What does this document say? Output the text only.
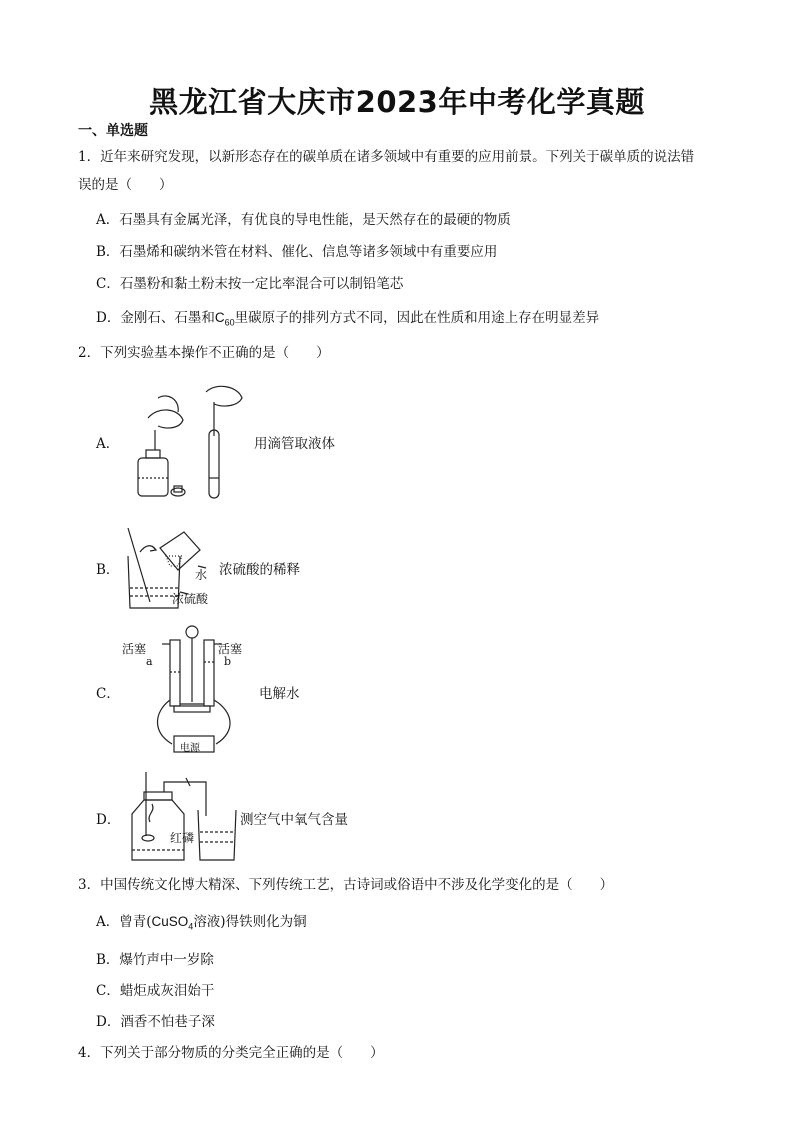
黑龙江省大庆市2023年中考化学真题
一、单选题
1．近年来研究发现，以新形态存在的碳单质在诸多领域中有重要的应用前景。下列关于碳单质的说法错
误的是（　　）
A．石墨具有金属光泽，有优良的导电性能，是天然存在的最硬的物质
B．石墨烯和碳纳米管在材料、催化、信息等诸多领域中有重要应用
C．石墨粉和黏土粉末按一定比率混合可以制铅笔芯
D．金刚石、石墨和$C_{60}$里碳原子的排列方式不同，因此在性质和用途上存在明显差异
2．下列实验基本操作不正确的是（　　）
A．	用滴管取液体
B．	水
浓硫酸
浓硫酸的稀释
C．
活塞	活塞
a	b
电源
电解水
D．
红磷
测空气中氧气含量
3．中国传统文化博大精深、下列传统工艺，古诗词或俗语中不涉及化学变化的是（　　）
A．曾青(CuSO$_4$溶液)得铁则化为铜
B．爆竹声中一岁除
C．蜡炬成灰泪始干
D．酒香不怕巷子深
4．下列关于部分物质的分类完全正确的是（　　）
